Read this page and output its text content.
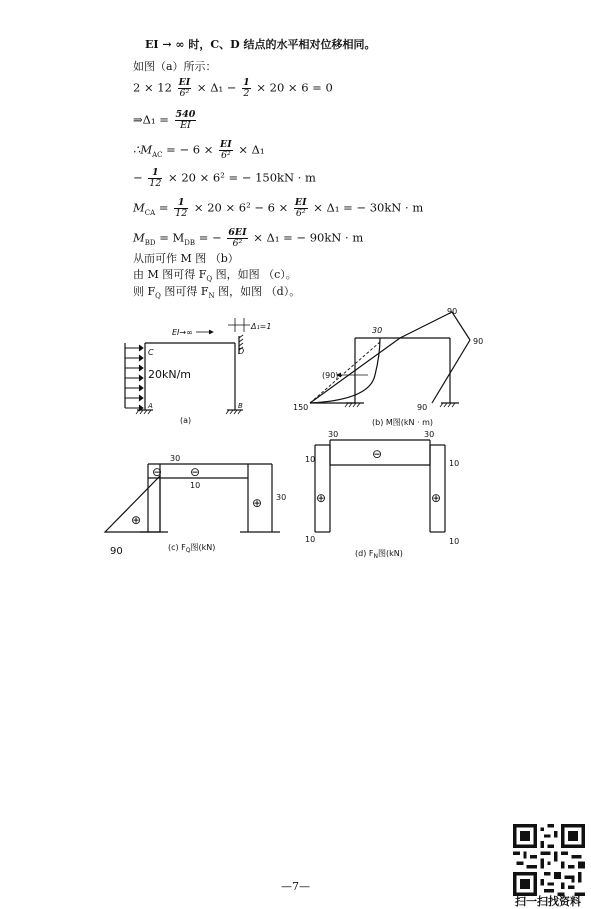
EI → ∞ 时，C、D 结点的水平相对位移相同。
如图（a）所示：
$2 \times 12 \frac{EI}{\text{6²}} \times \Delta_1 - \frac{1}{2} \times 20 \times 6 = 0$
⇒Δ₁ = $\frac{540}{EI}$
$\therefore M_{AC}$ = − $6 \times \frac{EI}{\text{6²}} \times \Delta_1$
− $\frac{1}{12} \times 20 \times 6^2$ = − 150kN · m
$M_{CA} = \frac{1}{12} \times 20 \times 6^2 - 6 \times \frac{EI}{\text{6²}} \times \Delta_1$ = − 30kN · m
$M_{BD} = M_{DB}$ = − $\frac{6EI}{\text{6²}} \times \Delta_1$ = − 90kN · m
从而可作 M 图 （b）
由 M 图可得 $F_Q$ 图，如图 （c）。
则 $F_Q$ 图可得 $F_N$ 图，如图 （d）。
EI→∞
Δ₁=1
C	D
A	B
20kN/m
(a)
30
90
90
(90)
150	90
(b) M图(kN · m)
30
10
30
90
⊖ ⊖
⊕
⊕
(c) $F_Q$图(kN)
30	30
10	10
10	10
⊖
⊕	⊕
(d) $F_N$图(kN)
—7—
扫一扫找资料
